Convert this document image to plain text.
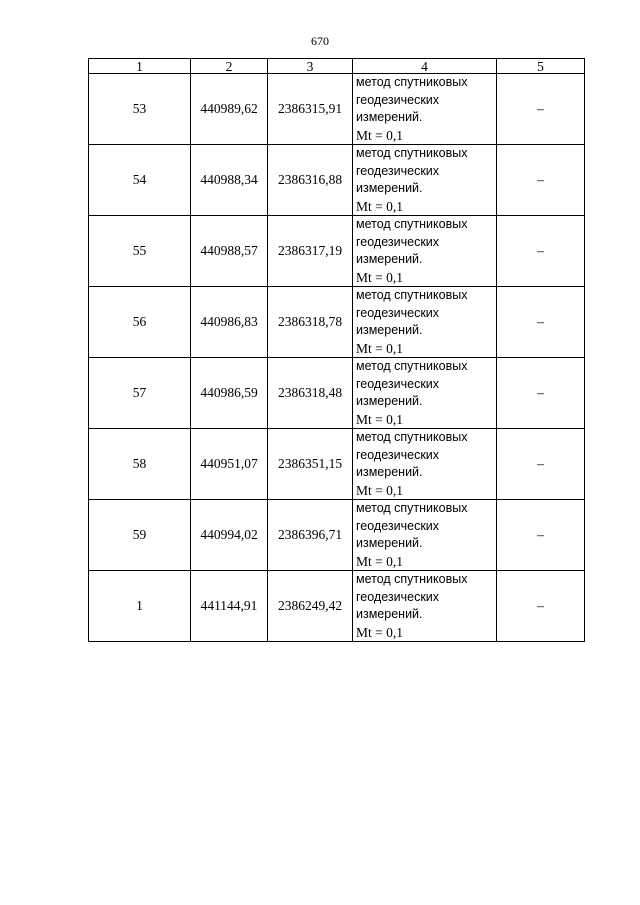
670
1	2	3	4	5
53	440989,62	2386315,91	метод спутниковых
геодезических
измерений.
Mt = 0,1	–
54	440988,34	2386316,88	метод спутниковых
геодезических
измерений.
Mt = 0,1	–
55	440988,57	2386317,19	метод спутниковых
геодезических
измерений.
Mt = 0,1	–
56	440986,83	2386318,78	метод спутниковых
геодезических
измерений.
Mt = 0,1	–
57	440986,59	2386318,48	метод спутниковых
геодезических
измерений.
Mt = 0,1	–
58	440951,07	2386351,15	метод спутниковых
геодезических
измерений.
Mt = 0,1	–
59	440994,02	2386396,71	метод спутниковых
геодезических
измерений.
Mt = 0,1	–
1	441144,91	2386249,42	метод спутниковых
геодезических
измерений.
Mt = 0,1	–
